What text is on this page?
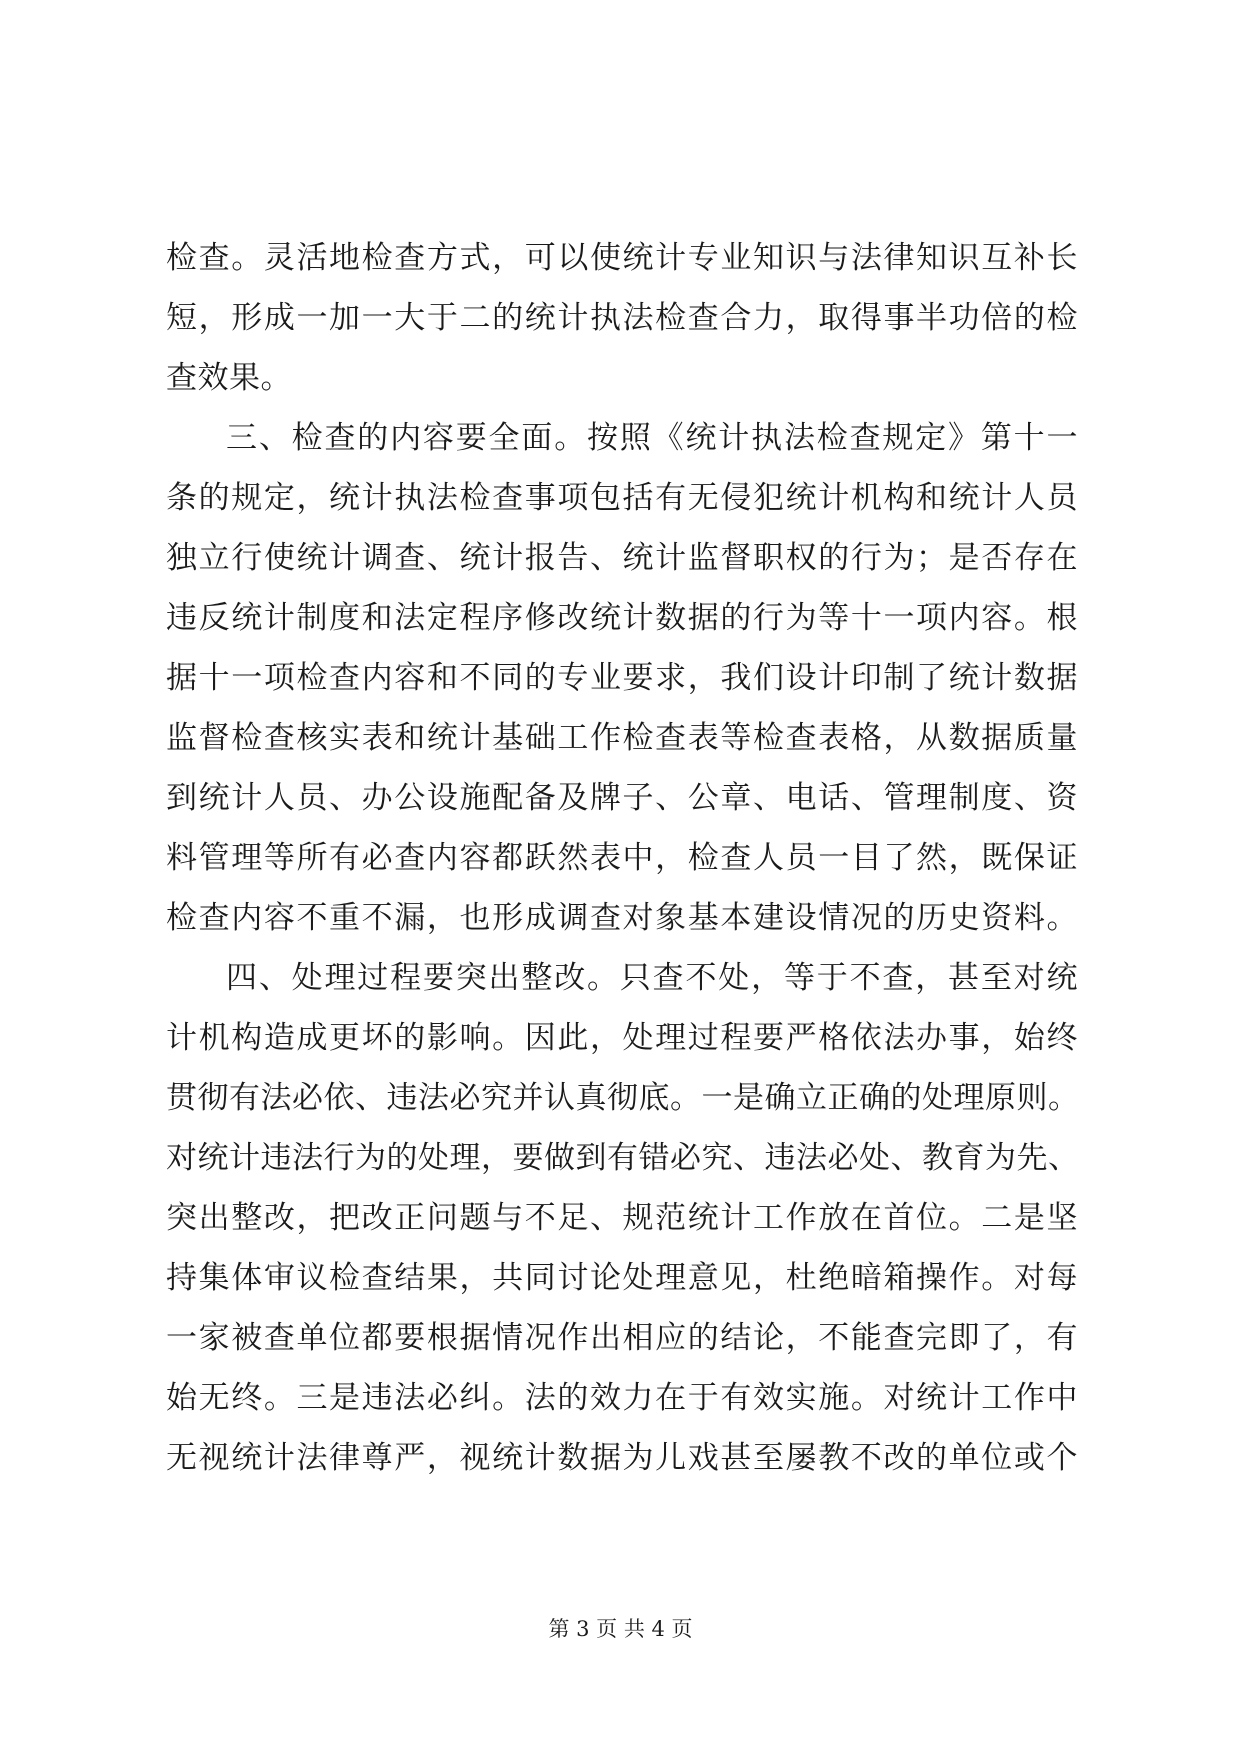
检查。灵活地检查方式，可以使统计专业知识与法律知识互补长
短，形成一加一大于二的统计执法检查合力，取得事半功倍的检
查效果。
三、检查的内容要全面。按照《统计执法检查规定》第十一
条的规定，统计执法检查事项包括有无侵犯统计机构和统计人员
独立行使统计调查、统计报告、统计监督职权的行为；是否存在
违反统计制度和法定程序修改统计数据的行为等十一项内容。根
据十一项检查内容和不同的专业要求，我们设计印制了统计数据
监督检查核实表和统计基础工作检查表等检查表格，从数据质量
到统计人员、办公设施配备及牌子、公章、电话、管理制度、资
料管理等所有必查内容都跃然表中，检查人员一目了然，既保证
检查内容不重不漏，也形成调查对象基本建设情况的历史资料。
四、处理过程要突出整改。只查不处，等于不查，甚至对统
计机构造成更坏的影响。因此，处理过程要严格依法办事，始终
贯彻有法必依、违法必究并认真彻底。一是确立正确的处理原则。
对统计违法行为的处理，要做到有错必究、违法必处、教育为先、
突出整改，把改正问题与不足、规范统计工作放在首位。二是坚
持集体审议检查结果，共同讨论处理意见，杜绝暗箱操作。对每
一家被查单位都要根据情况作出相应的结论，不能查完即了，有
始无终。三是违法必纠。法的效力在于有效实施。对统计工作中
无视统计法律尊严，视统计数据为儿戏甚至屡教不改的单位或个
第 3 页 共 4 页
